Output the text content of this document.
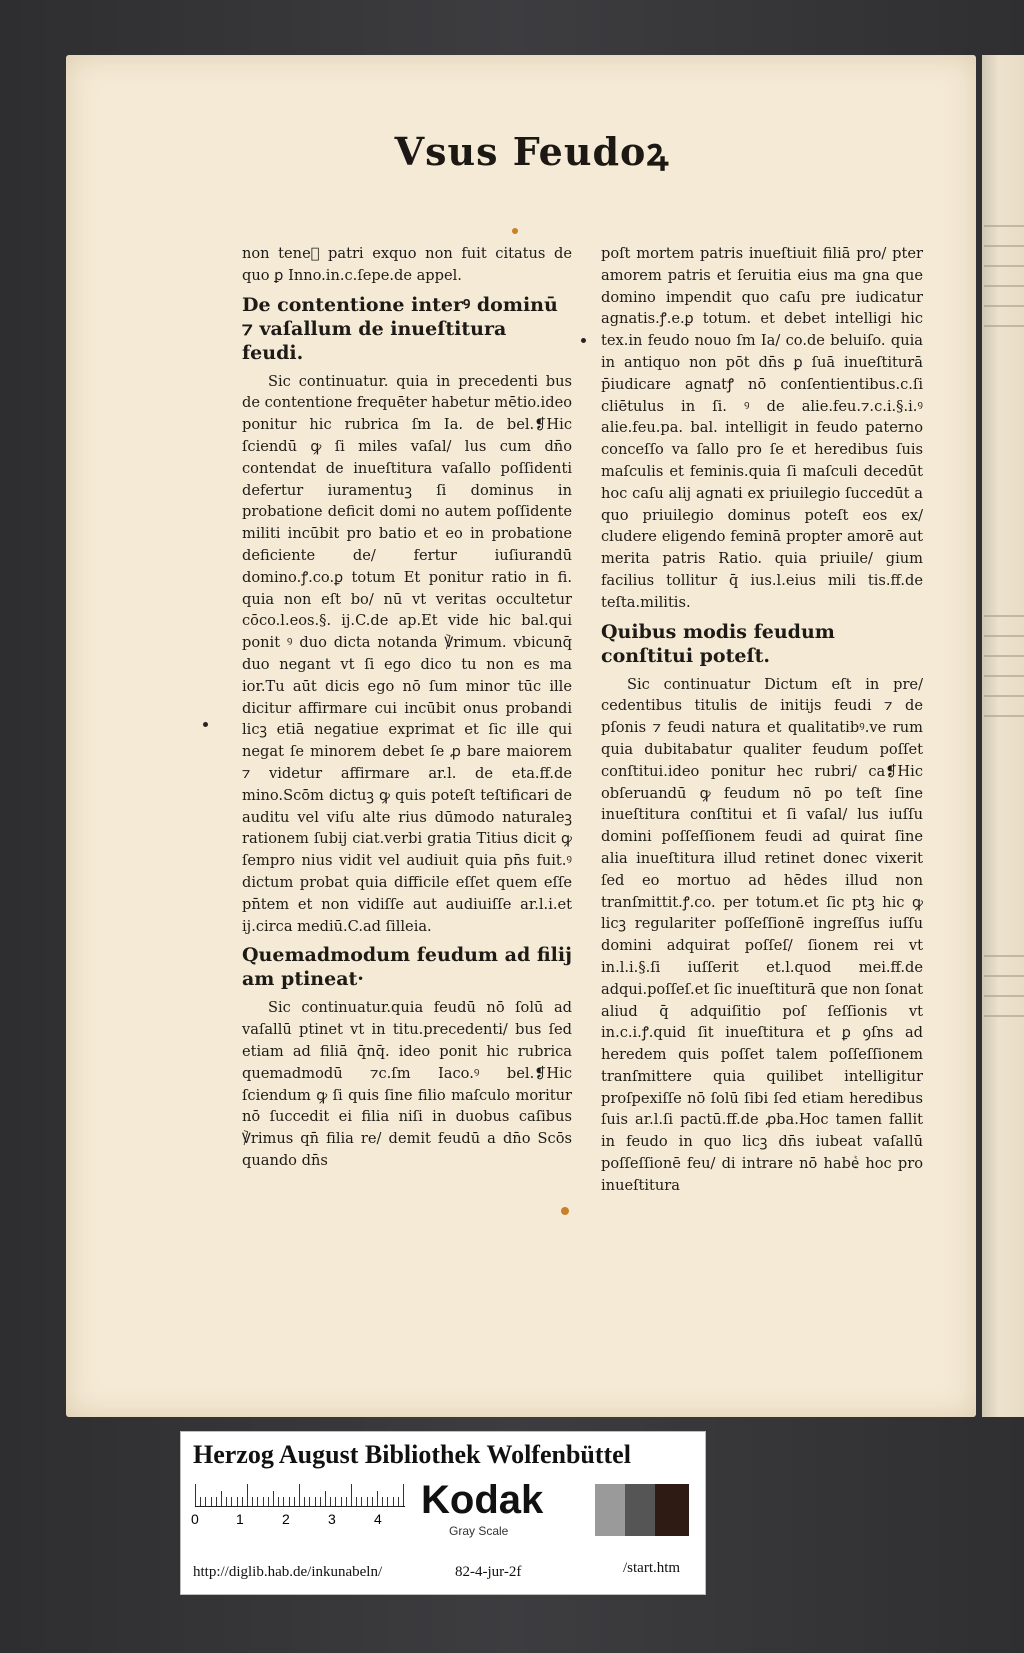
Vsus Feudoꝝ

non teneᷣ patri exquo non fuit citatus de quo ꝑ Inno.in.c.ſepe.de appel.

De contentione interꝰ dominū ⁊ vaſallum de inueſtitura feudi.

Sic continuatur. quia in precedenti bus de contentione frequēter habetur mētio.ideo ponitur hic rubrica ſm Ia. de bel.❡Hic ſciendū ꝙ ſi miles vaſal/ lus cum dn̄o contendat de inueſtitura vaſallo poſſidenti defertur iuramentuꝫ ſi dominus in probatione deficit domi no autem poſſidente militi incūbit pro batio et eo in probatione deficiente de/ fertur iuſiurandū domino.ꝭ.co.ꝑ totum Et ponitur ratio in fi. quia non eſt bo/ nū vt veritas occultetur cōco.l.eos.§. ij.C.de ap.Et vide hic bal.qui ponit ꝰ duo dicta notanda ℣rimum. vbicunq̄ duo negant vt ſi ego dico tu non es ma ior.Tu aūt dicis ego nō ſum minor tūc ille dicitur affirmare cui incūbit onus probandi licꝫ etiā negatiue exprimat et ſic ille qui negat ſe minorem debet ſe ꝓ bare maiorem ⁊ videtur affirmare ar.l. de eta.ff.de mino.Scōm dictuꝫ ꝙ quis poteſt teſtificari de auditu vel viſu alte rius dūmodo naturaleꝫ rationem ſubij ciat.verbi gratia Titius dicit ꝙ ſempro nius vidit vel audiuit quia pn̄s fuit.ꝰ dictum probat quia difficile eſſet quem eſſe pn̄tem et non vidiſſe aut audiuiſſe ar.l.i.et ij.circa mediū.C.ad ſilleia.

Quemadmodum feudum ad filij am ptineat·

Sic continuatur.quia feudū nō ſolū ad vaſallū ptinet vt in titu.precedenti/ bus ſed etiam ad filiā q̄nq̄. ideo ponit hic rubrica quemadmodū ⁊c.ſm Iaco.ꝰ bel.❡Hic ſciendum ꝙ ſi quis ſine filio maſculo moritur nō ſuccedit ei filia niſi in duobus caſibus ℣rimus qn̄ filia re/ demit feudū a dn̄o Scōs quando dn̄s

poſt mortem patris inueſtiuit filiā pro/ pter amorem patris et ſeruitia eius ma gna que domino impendit quo caſu pre iudicatur agnatis.ꝭ.e.ꝑ totum. et debet intelligi hic tex.in feudo nouo ſm Ia/ co.de beluiſo. quia in antiquo non pōt dn̄s ꝑ ſuā inueſtiturā p̄iudicare agnatꝭ nō conſentientibus.c.ſi cliētulus in ſi. ꝰ de alie.feu.⁊.c.i.§.i.ꝰ alie.feu.pa. bal. intelligit in feudo paterno conceſſo va ſallo pro ſe et heredibus ſuis maſculis et feminis.quia ſi maſculi decedūt hoc caſu alij agnati ex priuilegio ſuccedūt a quo priuilegio dominus poteſt eos ex/ cludere eligendo feminā propter amorē aut merita patris Ratio. quia priuile/ gium facilius tollitur q̄ ius.l.eius mili tis.ff.de teſta.militis.

Quibus modis feudum conſtitui poteſt.

Sic continuatur Dictum eſt in pre/ cedentibus titulis de initijs feudi ⁊ de pſonis ⁊ feudi natura et qualitatibꝰ.ve rum quia dubitabatur qualiter feudum poſſet conſtitui.ideo ponitur hec rubri/ ca❡Hic obſeruandū ꝙ feudum nō po teſt ſine inueſtitura conſtitui et ſi vaſal/ lus iuſſu domini poſſeſſionem feudi ad quirat ſine alia inueſtitura illud retinet donec vixerit ſed eo mortuo ad hēdes illud non tranſmittit.ꝭ.co. per totum.et ſic ptꝫ hic ꝙ licꝫ regulariter poſſeſſionē ingreſſus iuſſu domini adquirat poſſeſ/ ſionem rei vt in.l.i.§.ſi iuſſerit et.l.quod mei.ff.de adqui.poſſeſ.et ſic inueſtiturā que non ſonat aliud q̄ adquiſitio poſ ſeſſionis vt in.c.i.ꝭ.quid ſit inueſtitura et ꝑ ꝯſns ad heredem quis poſſet talem poſſeſſionem tranſmittere quia quilibet intelligitur proſpexiſſe nō ſolū ſibi ſed etiam heredibus ſuis ar.l.ſi pactū.ff.de ꝓba.Hoc tamen fallit in feudo in quo licꝫ dn̄s iubeat vaſallū poſſeſſionē feu/ di intrare nō habeᷣ hoc pro inueſtitura

Herzog August Bibliothek Wolfenbüttel
0	1	2	3	4 Kodak
Gray Scale
http://diglib.hab.de/inkunabeln/	82-4-jur-2f	/start.htm
